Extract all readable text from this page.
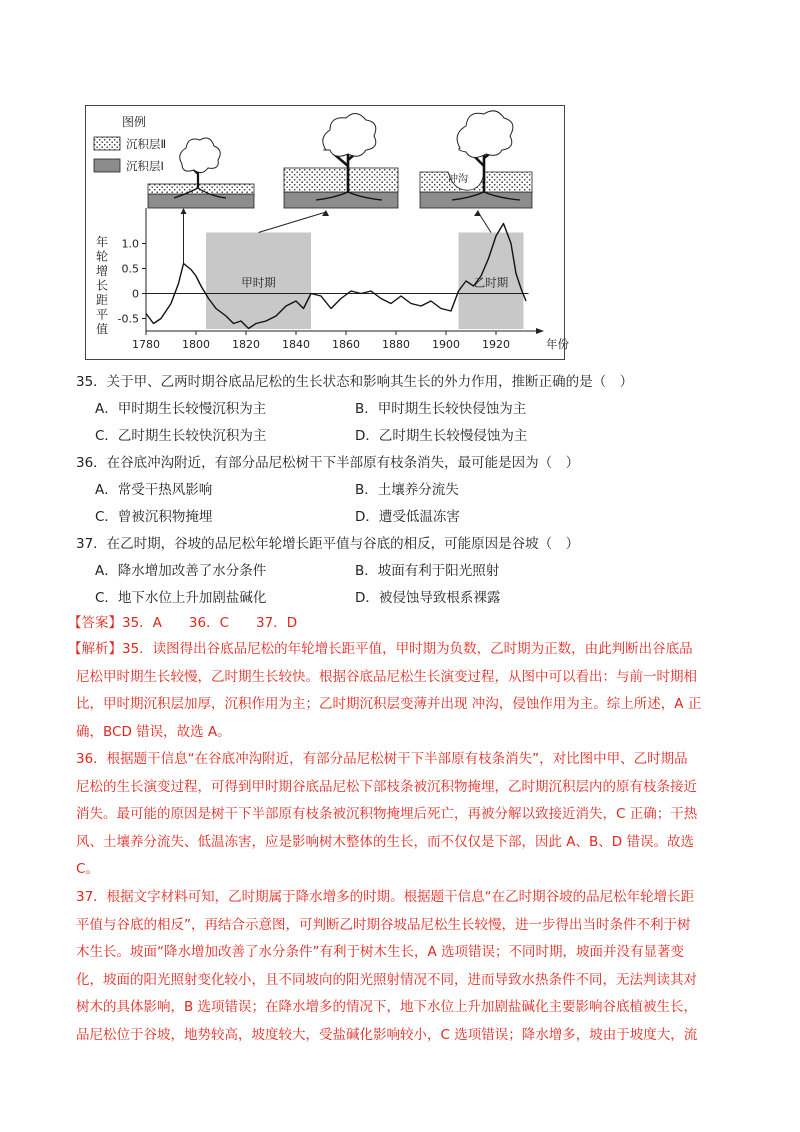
图例
沉积层Ⅱ
沉积层Ⅰ
冲沟
1.0
0.5
0
-0.5
1780 1800 1820 1840 1860 1880 1900 1920	年份
年
轮
增
长
距
平
值
甲时期	乙时期
35．关于甲、乙两时期谷底品尼松的生长状态和影响其生长的外力作用，推断正确的是（　）
A．甲时期生长较慢沉积为主	B．甲时期生长较快侵蚀为主
C．乙时期生长较快沉积为主	D．乙时期生长较慢侵蚀为主
36．在谷底冲沟附近，有部分品尼松树干下半部原有枝条消失，最可能是因为（　）
A．常受干热风影响	B．土壤养分流失
C．曾被沉积物掩埋	D．遭受低温冻害
37．在乙时期，谷坡的品尼松年轮增长距平值与谷底的相反，可能原因是谷坡（　）
A．降水增加改善了水分条件	B．坡面有利于阳光照射
C．地下水位上升加剧盐碱化	D．被侵蚀导致根系裸露
【答案】35．A　　36．C　　37．D
【解析】35．读图得出谷底品尼松的年轮增长距平值，甲时期为负数，乙时期为正数，由此判断出谷底品
尼松甲时期生长较慢，乙时期生长较快。根据谷底品尼松生长演变过程，从图中可以看出：与前一时期相
比，甲时期沉积层加厚，沉积作用为主；乙时期沉积层变薄并出现 冲沟，侵蚀作用为主。综上所述，A 正
确，BCD 错误，故选 A。
36．根据题干信息“在谷底冲沟附近，有部分品尼松树干下半部原有枝条消失”，对比图中甲、乙时期品
尼松的生长演变过程，可得到甲时期谷底品尼松下部枝条被沉积物掩埋，乙时期沉积层内的原有枝条接近
消失。最可能的原因是树干下半部原有枝条被沉积物掩埋后死亡，再被分解以致接近消失，C 正确；干热
风、土壤养分流失、低温冻害，应是影响树木整体的生长，而不仅仅是下部，因此 A、B、D 错误。故选
C。
37．根据文字材料可知，乙时期属于降水增多的时期。根据题干信息“在乙时期谷坡的品尼松年轮增长距
平值与谷底的相反”，再结合示意图，可判断乙时期谷坡品尼松生长较慢，进一步得出当时条件不利于树
木生长。坡面“降水增加改善了水分条件”有利于树木生长，A 选项错误；不同时期，坡面并没有显著变
化，坡面的阳光照射变化较小，且不同坡向的阳光照射情况不同，进而导致水热条件不同，无法判读其对
树木的具体影响，B 选项错误；在降水增多的情况下，地下水位上升加剧盐碱化主要影响谷底植被生长，
品尼松位于谷坡，地势较高，坡度较大，受盐碱化影响较小，C 选项错误；降水增多，坡由于坡度大，流
